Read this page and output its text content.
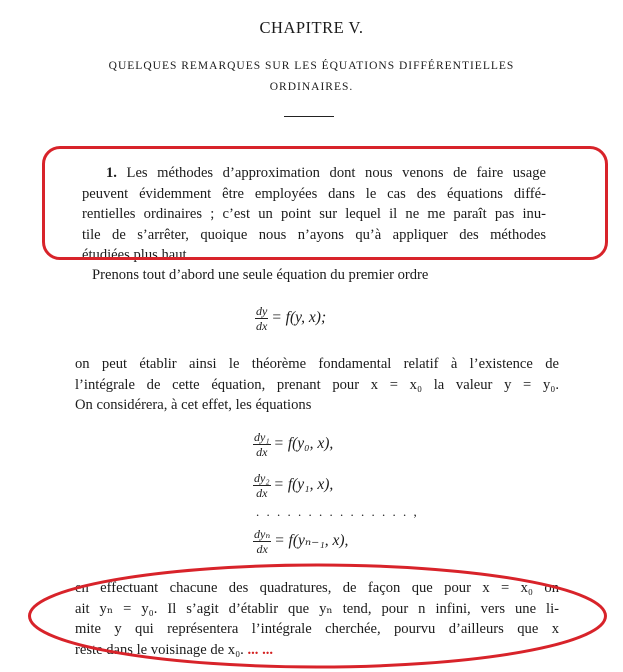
CHAPITRE V.
QUELQUES REMARQUES SUR LES ÉQUATIONS DIFFÉRENTIELLES
ORDINAIRES.
1. Les méthodes d’approximation dont nous venons de faire usage
peuvent évidemment être employées dans le cas des équations diffé-
rentielles ordinaires ; c’est un point sur lequel il ne me paraît pas inu-
tile de s’arrêter, quoique nous n’ayons qu’à appliquer des méthodes
étudiées plus haut.
Prenons tout d’abord une seule équation du premier ordre
$\frac{dy}{dx} = f(y$, x);
on peut établir ainsi le théorème fondamental relatif à l’existence de
l’intégrale de cette équation, prenant pour x = x₀ la valeur y = y₀.
On considérera, à cet effet, les équations
$\frac{\text{dy₁}}{dx} = f(y_0$, x),
$\frac{\text{dy₂}}{dx} = f(y_1$, x),
. . . . . . . . . . . . . . . ,
$\frac{\text{dyₙ}}{dx} = f(y_{n-1}$, x),
en effectuant chacune des quadratures, de façon que pour x = x₀ on
ait yₙ = y₀. Il s’agit d’établir que yₙ tend, pour n infini, vers une li-
mite y qui représentera l’intégrale cherchée, pourvu d’ailleurs que x
reste dans le voisinage de x₀. ... ...
